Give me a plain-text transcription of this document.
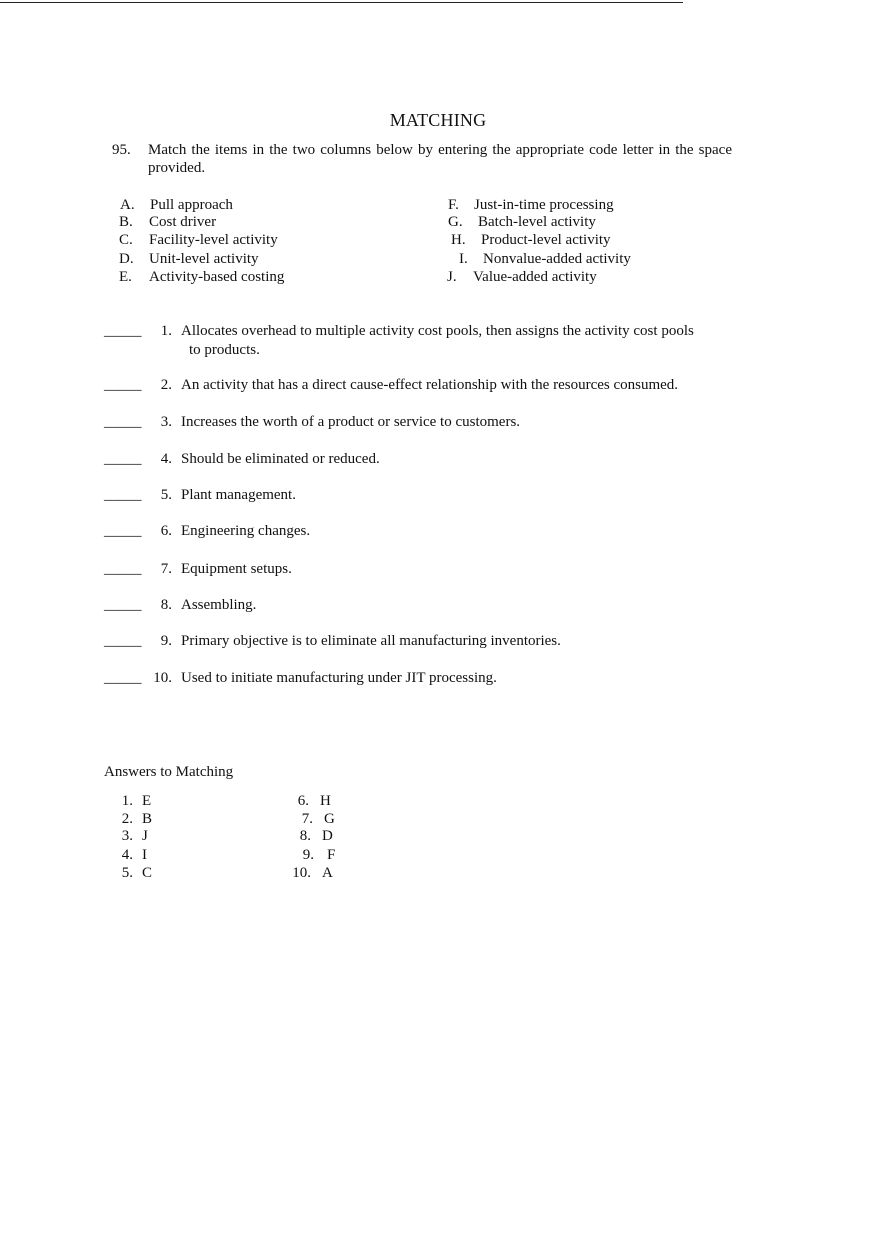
MATCHING
95. Match the items in the two columns below by entering the appropriate code letter in the space provided.
A. Pull approach
B. Cost driver
C. Facility-level activity
D. Unit-level activity
E. Activity-based costing
F. Just-in-time processing
G. Batch-level activity
H. Product-level activity
I. Nonvalue-added activity
J. Value-added activity
_____	1. Allocates overhead to multiple activity cost pools, then assigns the activity cost pools
to products.
_____	2. An activity that has a direct cause-effect relationship with the resources consumed.
_____	3. Increases the worth of a product or service to customers.
_____	4. Should be eliminated or reduced.
_____	5. Plant management.
_____	6. Engineering changes.
_____	7. Equipment setups.
_____	8. Assembling.
_____	9. Primary objective is to eliminate all manufacturing inventories.
_____ 10. Used to initiate manufacturing under JIT processing.
Answers to Matching
1. E
2. B
3. J
4. I
5. C
6. H
7. G
8. D
9. F
10. A
